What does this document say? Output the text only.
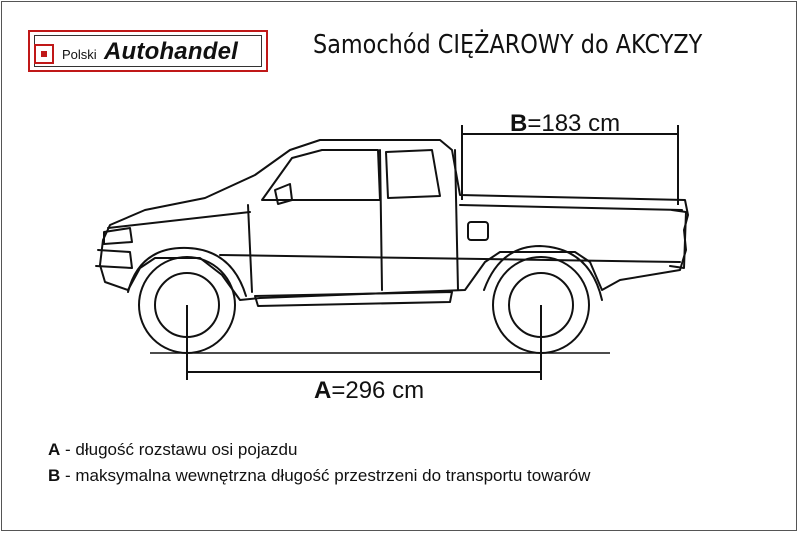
Polski Autohandel	Samochód CIĘŻAROWY do AKCYZY
B=183 cm
A=296 cm
A - długość rozstawu osi pojazdu
B - maksymalna wewnętrzna długość przestrzeni do transportu towarów
